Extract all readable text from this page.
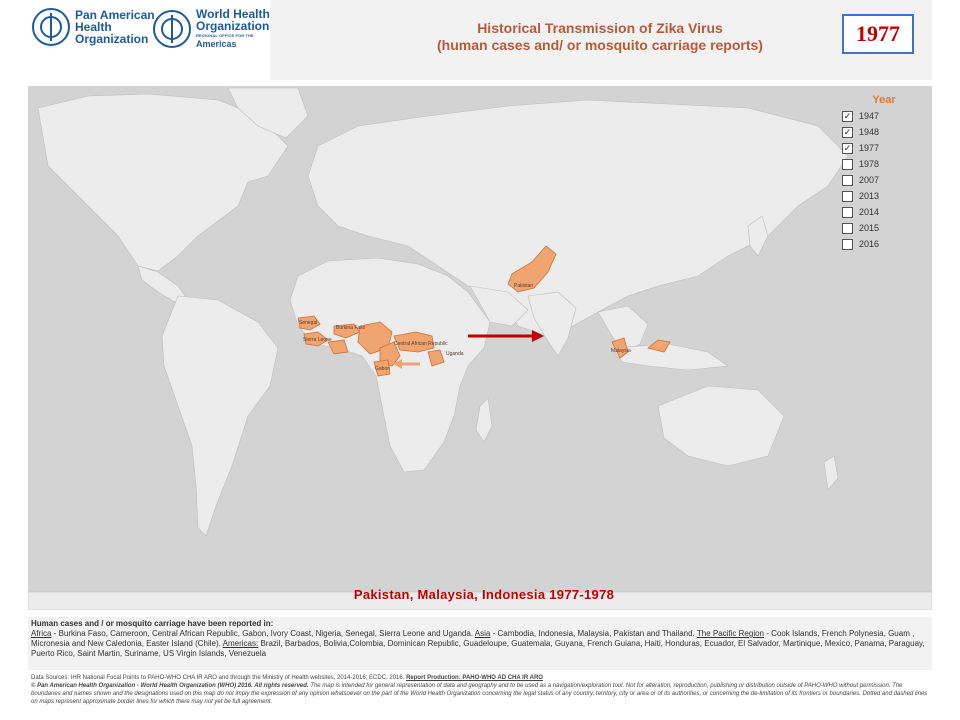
Pan American
Health
Organization
World Health
Organization
REGIONAL OFFICE FOR THE
Americas
Historical Transmission of Zika Virus
(human cases and/ or mosquito carriage reports)	1977
Senegal
Burkina Faso
Sierra Leone
Central African Republic
Uganda
Gabon
Pakistan
Malaysia
Year
✓ 1947
✓ 1948
✓ 1977
1978
2007
2013
2014
2015
2016
Pakistan, Malaysia, Indonesia 1977-1978
Human cases and / or mosquito carriage have been reported in:
Africa - Burkina Faso, Cameroon, Central African Republic, Gabon, Ivory Coast, Nigeria, Senegal, Sierra Leone and Uganda. Asia - Cambodia, Indonesia, Malaysia, Pakistan and Thailand. The Pacific Region - Cook Islands, French Polynesia, Guam , Micronesia and New Caledonia, Easter Island (Chile). Americas: Brazil, Barbados, Bolivia,Colombia, Dominican Republic, Guadeloupe, Guatemala, Guyana, French Guiana, Haiti, Honduras, Ecuador, El Salvador, Martinique, Mexico, Panama, Paraguay, Puerto Rico, Saint Martin, Suriname, US Virgin Islands, Venezuela
Data Sources: IHR National Focal Points to PAHO-WHO CHA IR ARO and through the Ministry of Health websites, 2014-2016; ECDC, 2016. Report Production: PAHO-WHO AD CHA IR ARO
© Pan American Health Organization - World Health Organization (WHO) 2016. All rights reserved. The map is intended for general representation of data and geography and to be used as a navigation/exploration tool. Not for alteration, reproduction, publishing or distribution outside of PAHO-WHO without permission. The boundaries and names shown and the designations used on this map do not imply the expression of any opinion whatsoever on the part of the World Health Organization concerning the legal status of any country, territory, city or area or of its authorities, or concerning the de-limitation of its frontiers or boundaries. Dotted and dashed lines on maps represent approximate border lines for which there may not yet be full agreement.
